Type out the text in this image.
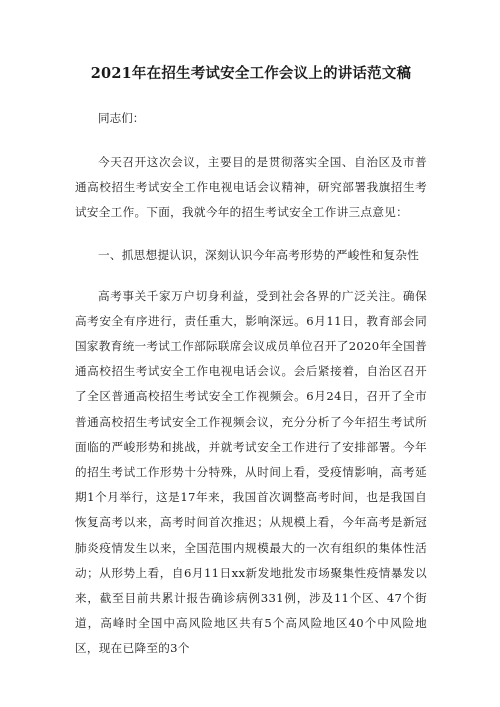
2021年在招生考试安全工作会议上的讲话范文稿

同志们：

今天召开这次会议，主要目的是贯彻落实全国、自治区及市普通高校招生考试安全工作电视电话会议精神，研究部署我旗招生考试安全工作。下面，我就今年的招生考试安全工作讲三点意见：

一、抓思想提认识，深刻认识今年高考形势的严峻性和复杂性

高考事关千家万户切身利益，受到社会各界的广泛关注。确保高考安全有序进行，责任重大，影响深远。6月11日，教育部会同国家教育统一考试工作部际联席会议成员单位召开了2020年全国普通高校招生考试安全工作电视电话会议。会后紧接着，自治区召开了全区普通高校招生考试安全工作视频会。6月24日，召开了全市普通高校招生考试安全工作视频会议，充分分析了今年招生考试所面临的严峻形势和挑战，并就考试安全工作进行了安排部署。今年的招生考试工作形势十分特殊，从时间上看，受疫情影响，高考延期1个月举行，这是17年来，我国首次调整高考时间，也是我国自恢复高考以来，高考时间首次推迟；从规模上看，今年高考是新冠肺炎疫情发生以来，全国范围内规模最大的一次有组织的集体性活动；从形势上看，自6月11日xx新发地批发市场聚集性疫情暴发以来，截至目前共累计报告确诊病例331例，涉及11个区、47个街道，高峰时全国中高风险地区共有5个高风险地区40个中风险地区，现在已降至的3个
